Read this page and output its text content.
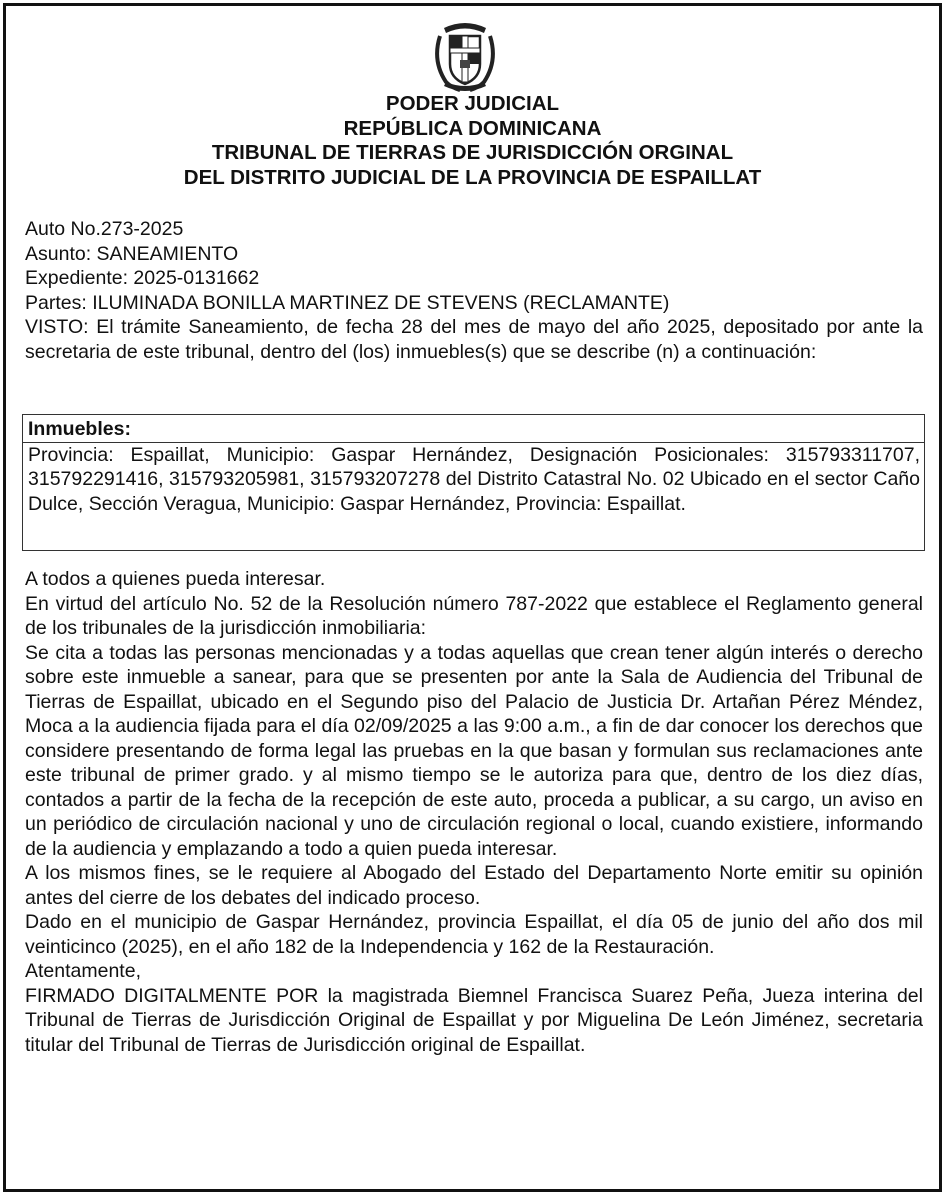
PODER JUDICIAL
REPÚBLICA DOMINICANA
TRIBUNAL DE TIERRAS DE JURISDICCIÓN ORGINAL
DEL DISTRITO JUDICIAL DE LA PROVINCIA DE ESPAILLAT
Auto No.273-2025
Asunto: SANEAMIENTO
Expediente: 2025-0131662
Partes: ILUMINADA BONILLA MARTINEZ DE STEVENS (RECLAMANTE)
VISTO: El trámite Saneamiento, de fecha 28 del mes de mayo del año 2025, depositado por ante la secretaria de este tribunal, dentro del (los) inmuebles(s) que se describe (n) a continuación:
Inmuebles:
Provincia: Espaillat, Municipio: Gaspar Hernández, Designación Posicionales: 315793311707, 315792291416, 315793205981, 315793207278 del Distrito Catastral No. 02 Ubicado en el sector Caño Dulce, Sección Veragua, Municipio: Gaspar Hernández, Provincia: Espaillat.

A todos a quienes pueda interesar.

En virtud del artículo No. 52 de la Resolución número 787-2022 que establece el Reglamento general de los tribunales de la jurisdicción inmobiliaria:

Se cita a todas las personas mencionadas y a todas aquellas que crean tener algún interés o derecho sobre este inmueble a sanear, para que se presenten por ante la Sala de Audiencia del Tribunal de Tierras de Espaillat, ubicado en el Segundo piso del Palacio de Justicia Dr. Artañan Pérez Méndez, Moca a la audiencia fijada para el día 02/09/2025 a las 9:00 a.m., a fin de dar conocer los derechos que considere presentando de forma legal las pruebas en la que basan y formulan sus reclamaciones ante este tribunal de primer grado. y al mismo tiempo se le autoriza para que, dentro de los diez días, contados a partir de la fecha de la recepción de este auto, proceda a publicar, a su cargo, un aviso en un periódico de circulación nacional y uno de circulación regional o local, cuando existiere, informando de la audiencia y emplazando a todo a quien pueda interesar.

A los mismos fines, se le requiere al Abogado del Estado del Departamento Norte emitir su opinión antes del cierre de los debates del indicado proceso.

Dado en el municipio de Gaspar Hernández, provincia Espaillat, el día 05 de junio del año dos mil veinticinco (2025), en el año 182 de la Independencia y 162 de la Restauración.

Atentamente,

FIRMADO DIGITALMENTE POR la magistrada Biemnel Francisca Suarez Peña, Jueza interina del Tribunal de Tierras de Jurisdicción Original de Espaillat y por Miguelina De León Jiménez, secretaria titular del Tribunal de Tierras de Jurisdicción original de Espaillat.
